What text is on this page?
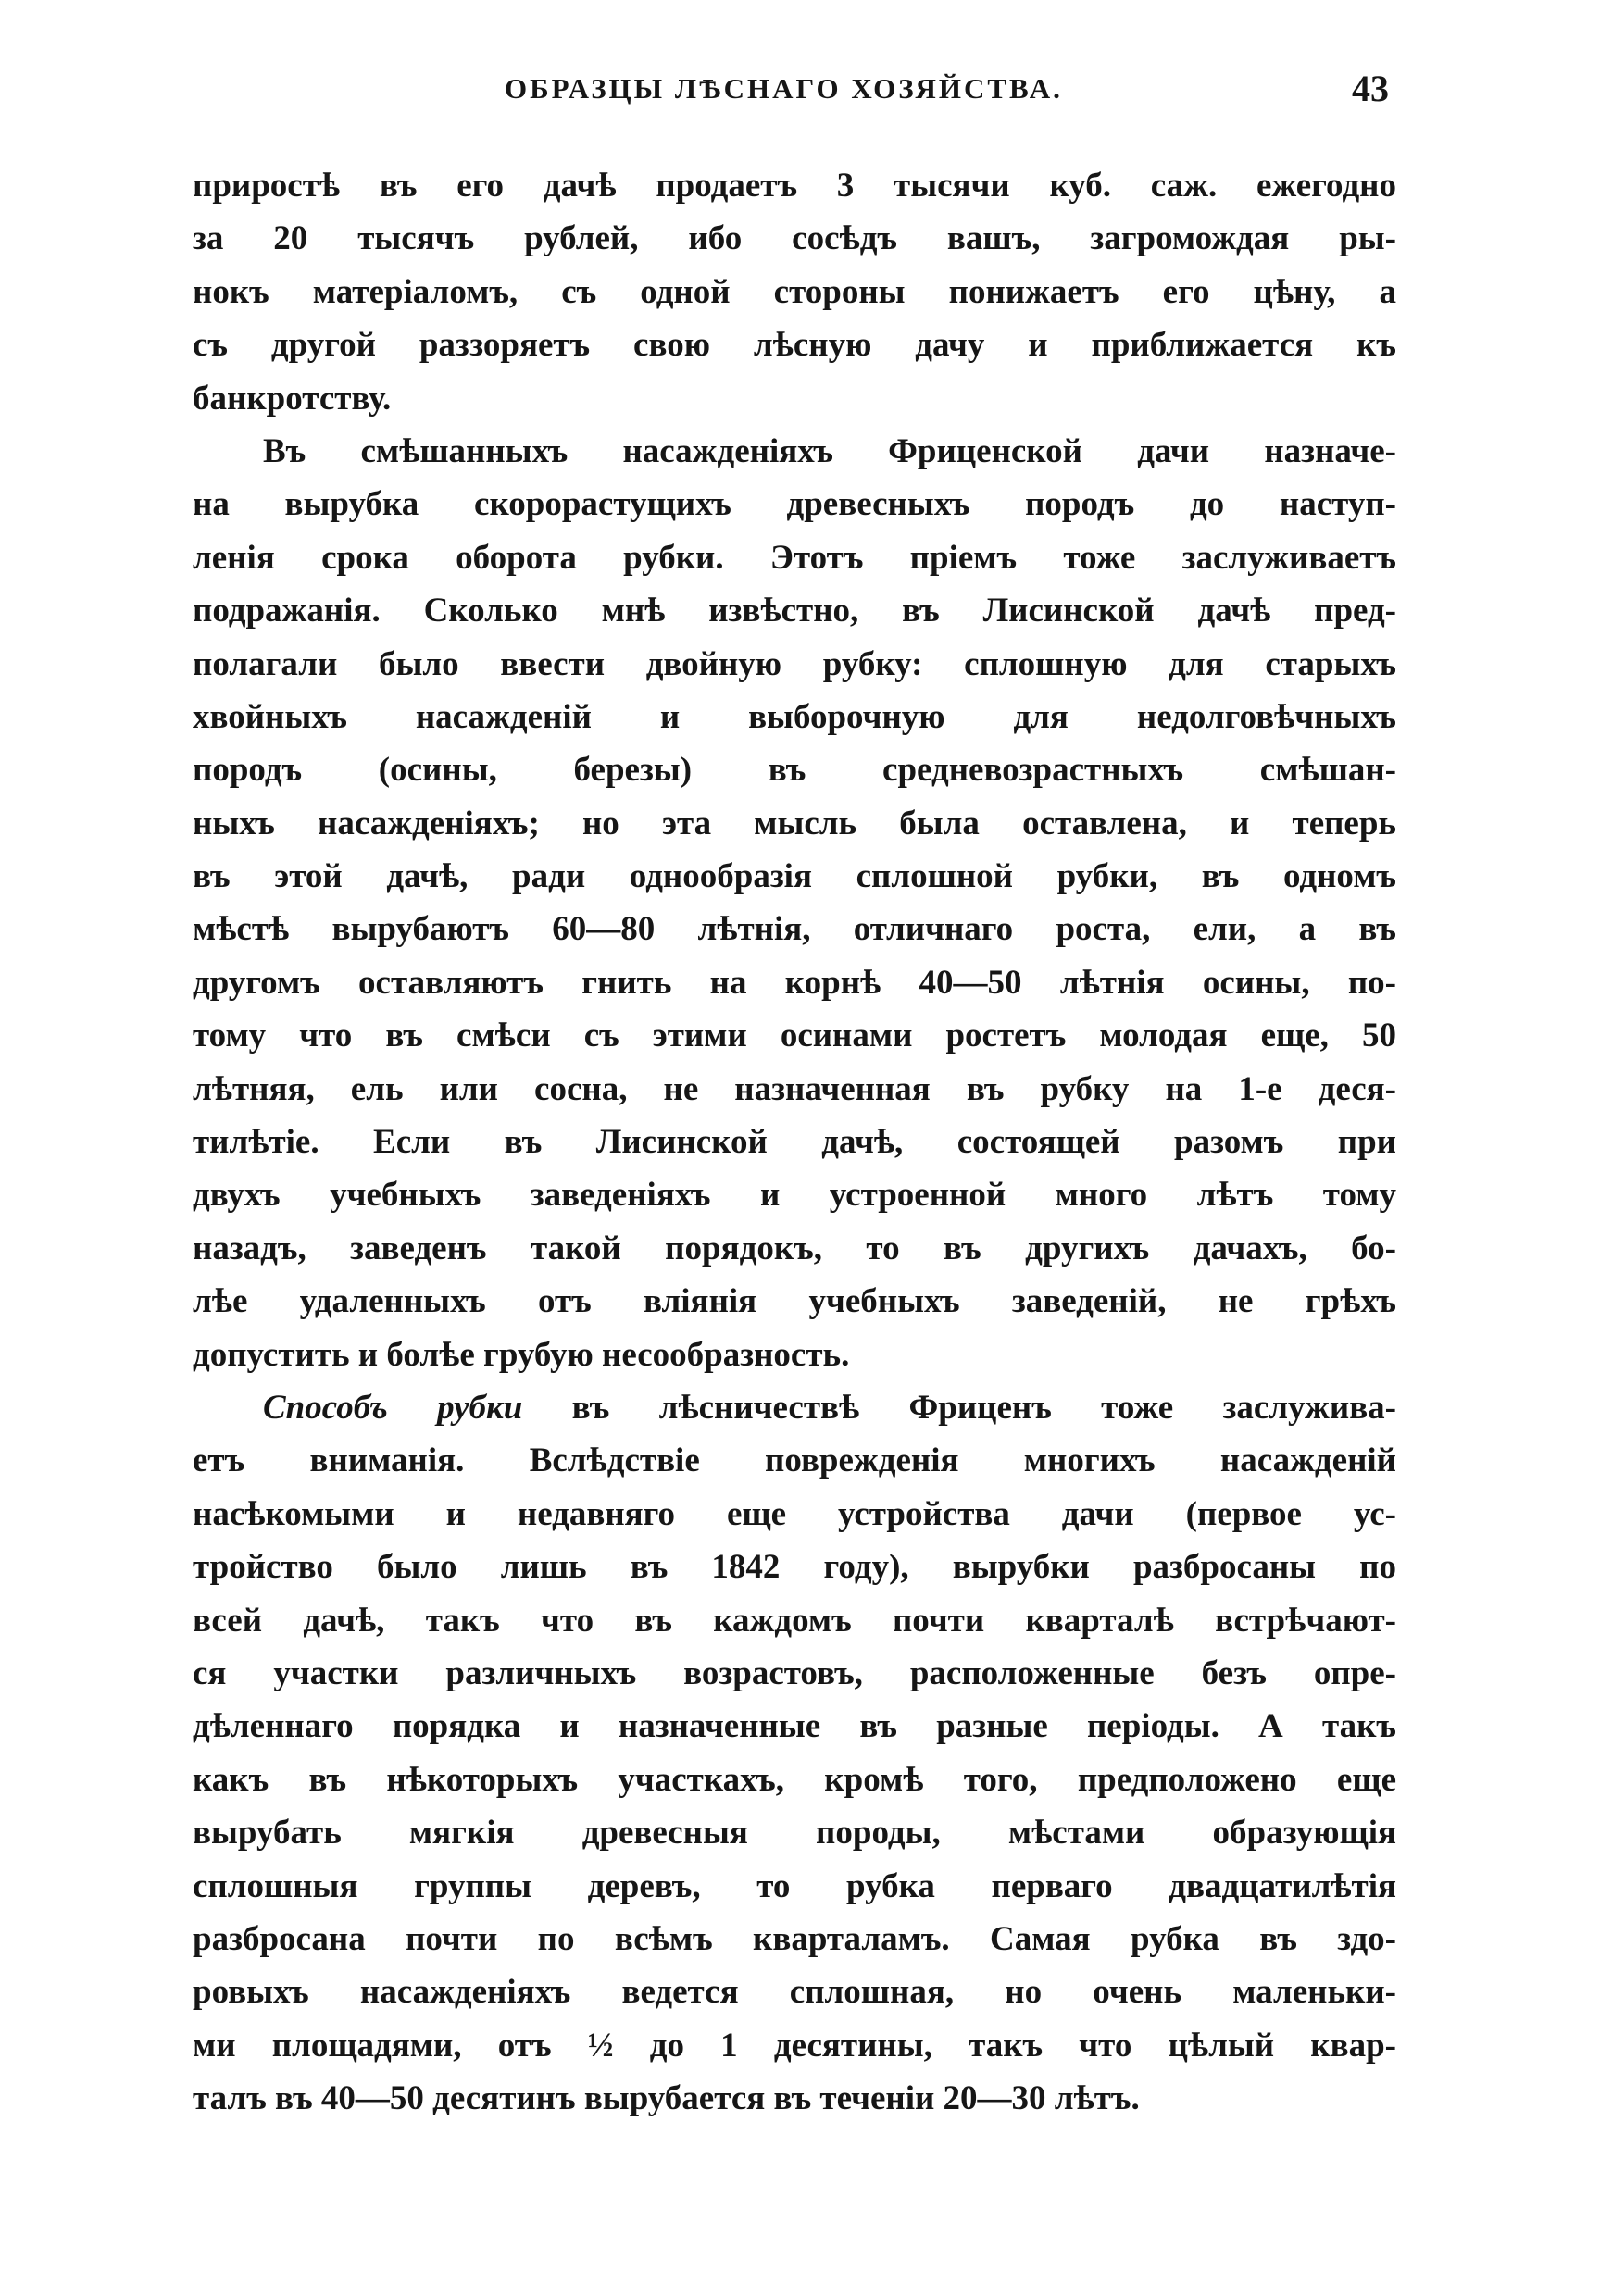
ОБРАЗЦЫ ЛѢСНАГО ХОЗЯЙСТВА.	43
приростѣ въ его дачѣ продаетъ 3 тысячи куб. саж. ежегодно
за 20 тысячъ рублей, ибо сосѣдъ вашъ, загромождая ры-
нокъ матеріаломъ, съ одной стороны понижаетъ его цѣну, а
съ другой раззоряетъ свою лѣсную дачу и приближается къ
банкротству.
Въ смѣшанныхъ насажденіяхъ Фриценской дачи назначе-
на вырубка скорорастущихъ древесныхъ породъ до наступ-
ленія срока оборота рубки. Этотъ пріемъ тоже заслуживаетъ
подражанія. Сколько мнѣ извѣстно, въ Лисинской дачѣ пред-
полагали было ввести двойную рубку: сплошную для старыхъ
хвойныхъ насажденій и выборочную для недолговѣчныхъ
породъ (осины, березы) въ средневозрастныхъ смѣшан-
ныхъ насажденіяхъ; но эта мысль была оставлена, и теперь
въ этой дачѣ, ради однообразія сплошной рубки, въ одномъ
мѣстѣ вырубаютъ 60—80 лѣтнія, отличнаго роста, ели, а въ
другомъ оставляютъ гнить на корнѣ 40—50 лѣтнія осины, по-
тому что въ смѣси съ этими осинами ростетъ молодая еще, 50
лѣтняя, ель или сосна, не назначенная въ рубку на 1-е деся-
тилѣтіе. Если въ Лисинской дачѣ, состоящей разомъ при
двухъ учебныхъ заведеніяхъ и устроенной много лѣтъ тому
назадъ, заведенъ такой порядокъ, то въ другихъ дачахъ, бо-
лѣе удаленныхъ отъ вліянія учебныхъ заведеній, не грѣхъ
допустить и болѣе грубую несообразность.
Способъ рубки въ лѣсничествѣ Фриценъ тоже заслужива-
етъ вниманія. Вслѣдствіе поврежденія многихъ насажденій
насѣкомыми и недавняго еще устройства дачи (первое ус-
тройство было лишь въ 1842 году), вырубки разбросаны по
всей дачѣ, такъ что въ каждомъ почти кварталѣ встрѣчают-
ся участки различныхъ возрастовъ, расположенные безъ опре-
дѣленнаго порядка и назначенные въ разные періоды. А такъ
какъ въ нѣкоторыхъ участкахъ, кромѣ того, предположено еще
вырубать мягкія древесныя породы, мѣстами образующія
сплошныя группы деревъ, то рубка перваго двадцатилѣтія
разбросана почти по всѣмъ кварталамъ. Самая рубка въ здо-
ровыхъ насажденіяхъ ведется сплошная, но очень маленьки-
ми площадями, отъ ½ до 1 десятины, такъ что цѣлый квар-
талъ въ 40—50 десятинъ вырубается въ теченіи 20—30 лѣтъ.
